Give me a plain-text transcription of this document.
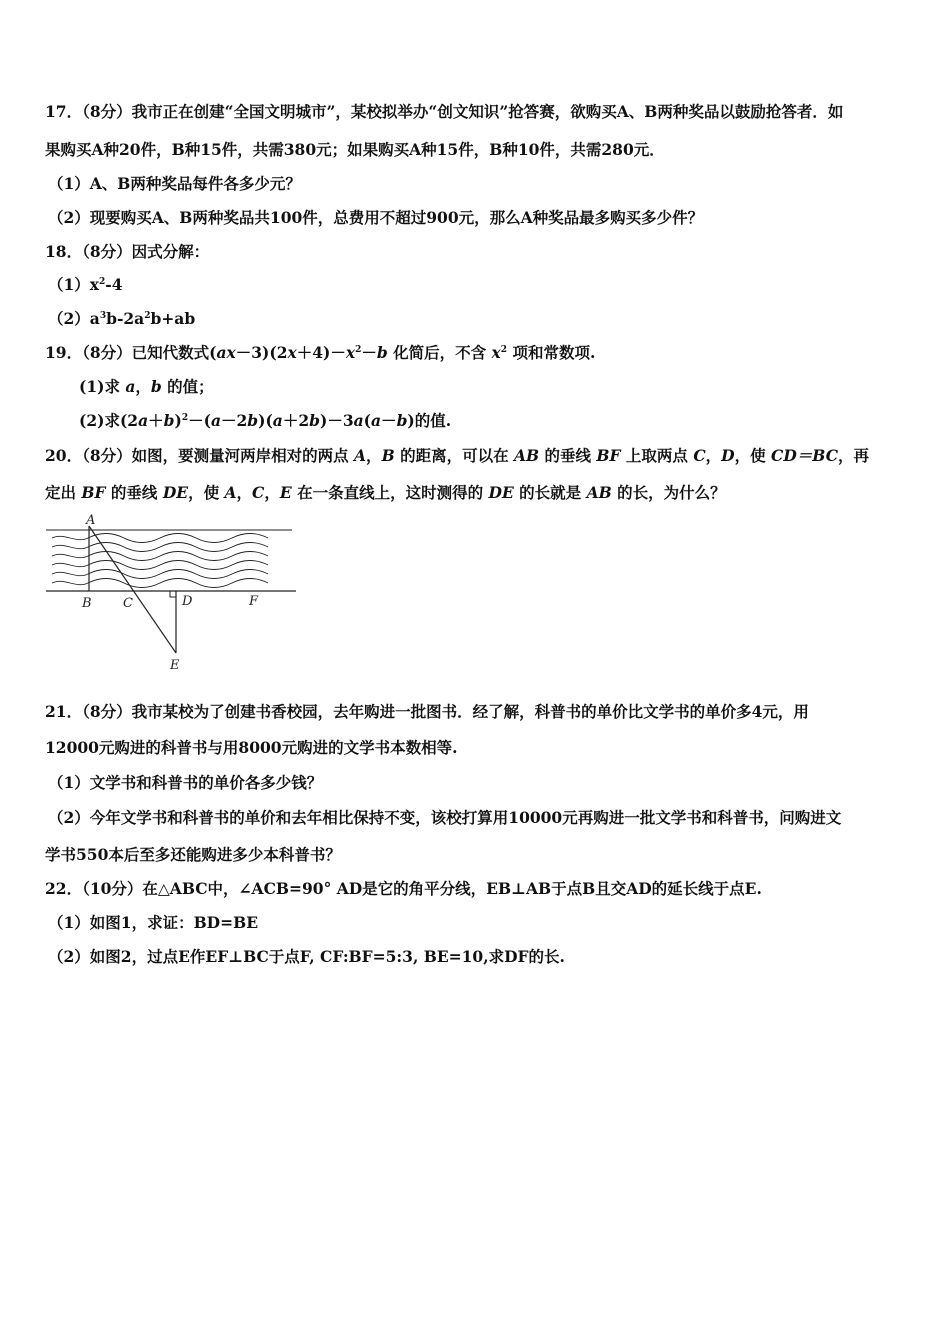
17．（8分）我市正在创建“全国文明城市”，某校拟举办“创文知识”抢答赛，欲购买A、B两种奖品以鼓励抢答者．如
果购买A种20件，B种15件，共需380元；如果购买A种15件，B种10件，共需280元．
（1）A、B两种奖品每件各多少元？
（2）现要购买A、B两种奖品共100件，总费用不超过900元，那么A种奖品最多购买多少件？
18．（8分）因式分解：
$(1)x^2-4$
$(2)a^3b-2a^2b+ab$
19．（8分）已知代数式$(ax-3)(2x+4)-x^2-b$ 化简后，不含 $x^2$ 项和常数项.
(1)求 a，b 的值；
(2)求$(2a+b)^2-(a-2b)(a+2b)-3a(a-b)$的值.
20．（8分）如图，要测量河两岸相对的两点 A，B 的距离，可以在 AB 的垂线 BF 上取两点 C，D，使 CD＝BC，再
定出 BF 的垂线 DE，使 A，C，E 在一条直线上，这时测得的 DE 的长就是 AB 的长，为什么？
A
B C	D	F
E
21．（8分）我市某校为了创建书香校园，去年购进一批图书．经了解，科普书的单价比文学书的单价多4元，用
12000元购进的科普书与用8000元购进的文学书本数相等.
（1）文学书和科普书的单价各多少钱？
（2）今年文学书和科普书的单价和去年相比保持不变，该校打算用10000元再购进一批文学书和科普书，问购进文
学书550本后至多还能购进多少本科普书？
22．（10分）在△ABC中，∠ACB=90° AD是它的角平分线，EB⊥AB于点B且交AD的延长线于点E.
（1）如图1，求证：BD=BE
（2）如图2，过点E作EF⊥BC于点F, CF:BF=5:3, BE=10,求DF的长.
